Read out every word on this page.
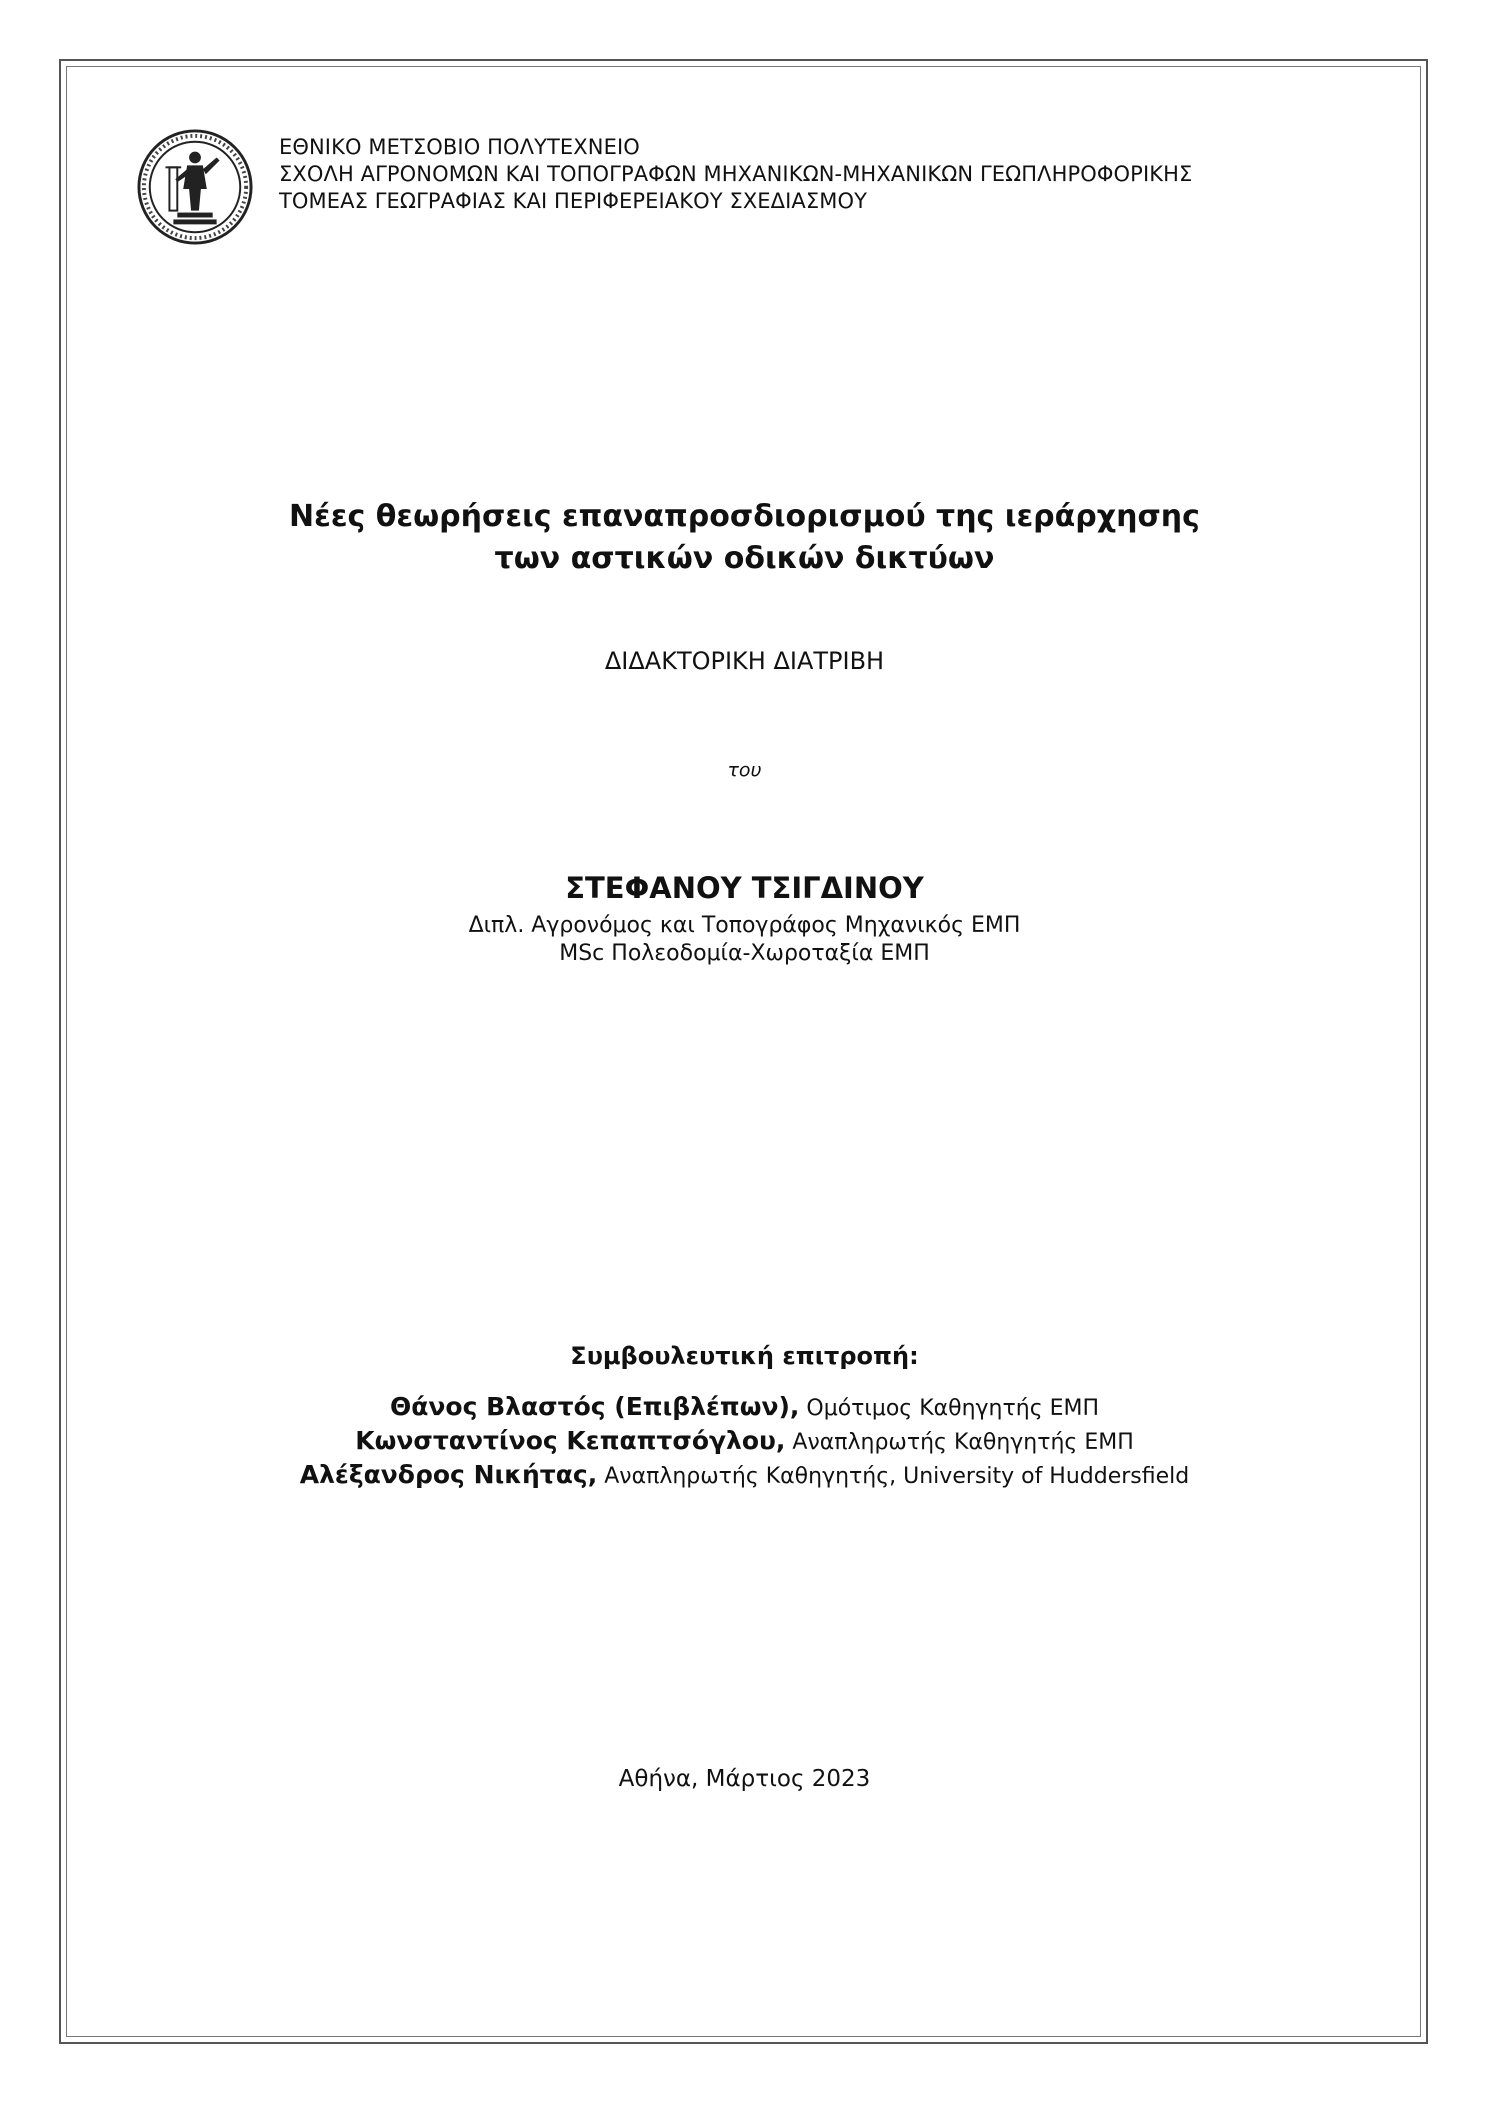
ΕΘΝΙΚΟ ΜΕΤΣΟΒΙΟ ΠΟΛΥΤΕΧΝΕΙΟ
ΣΧΟΛΗ ΑΓΡΟΝΟΜΩΝ ΚΑΙ ΤΟΠΟΓΡΑΦΩΝ ΜΗΧΑΝΙΚΩΝ-ΜΗΧΑΝΙΚΩΝ ΓΕΩΠΛΗΡΟΦΟΡΙΚΗΣ
ΤΟΜΕΑΣ ΓΕΩΓΡΑΦΙΑΣ ΚΑΙ ΠΕΡΙΦΕΡΕΙΑΚΟΥ ΣΧΕΔΙΑΣΜΟΥ
Νέες θεωρήσεις επαναπροσδιορισμού της ιεράρχησης
των αστικών οδικών δικτύων
ΔΙΔΑΚΤΟΡΙΚΗ ΔΙΑΤΡΙΒΗ
του
ΣΤΕΦΑΝΟΥ ΤΣΙΓΔΙΝΟΥ
Διπλ. Αγρονόμος και Τοπογράφος Μηχανικός ΕΜΠ
MSc Πολεοδομία-Χωροταξία ΕΜΠ
Συμβουλευτική επιτροπή:
Θάνος Βλαστός (Επιβλέπων), Ομότιμος Καθηγητής ΕΜΠ
Κωνσταντίνος Κεπαπτσόγλου, Αναπληρωτής Καθηγητής ΕΜΠ
Αλέξανδρος Νικήτας, Αναπληρωτής Καθηγητής, University of Huddersfield
Αθήνα, Μάρτιος 2023
